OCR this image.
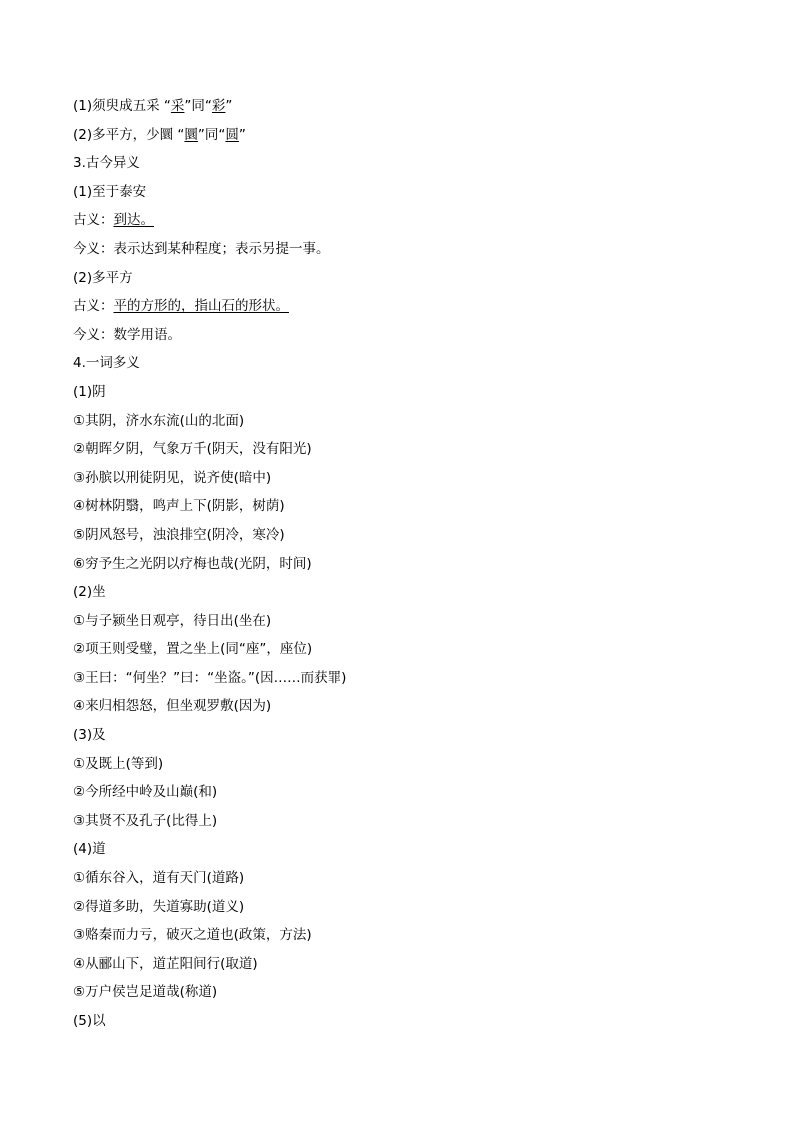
(1)须臾成五采 “采”同“彩”
(2)多平方，少圜 “圜”同“圆”
3.古今异义
(1)至于泰安
古义：到达。
今义：表示达到某种程度；表示另提一事。
(2)多平方
古义：平的方形的，指山石的形状。
今义：数学用语。
4.一词多义
(1)阴
①其阴，济水东流(山的北面)
②朝晖夕阴，气象万千(阴天，没有阳光)
③孙膑以刑徒阴见，说齐使(暗中)
④树林阴翳，鸣声上下(阴影，树荫)
⑤阴风怒号，浊浪排空(阴冷，寒冷)
⑥穷予生之光阴以疗梅也哉(光阴，时间)
(2)坐
①与子颍坐日观亭，待日出(坐在)
②项王则受璧，置之坐上(同“座”，座位)
③王曰：“何坐？”曰：“坐盗。”(因……而获罪)
④来归相怨怒，但坐观罗敷(因为)
(3)及
①及既上(等到)
②今所经中岭及山巅(和)
③其贤不及孔子(比得上)
(4)道
①循东谷入，道有天门(道路)
②得道多助，失道寡助(道义)
③赂秦而力亏，破灭之道也(政策，方法)
④从郦山下，道芷阳间行(取道)
⑤万户侯岂足道哉(称道)
(5)以
